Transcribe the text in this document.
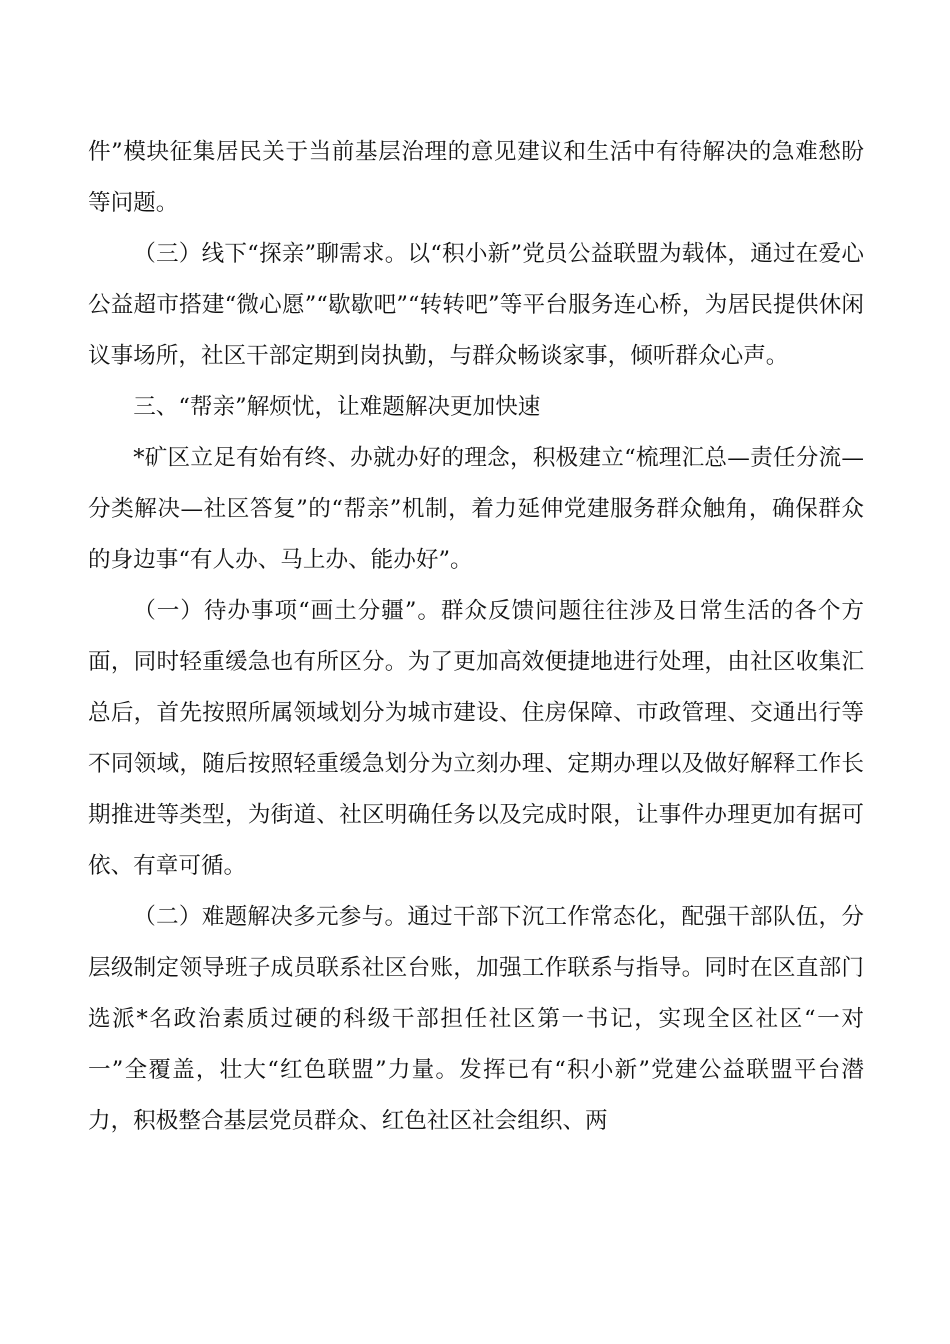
件”模块征集居民关于当前基层治理的意见建议和生活中有待解决的急难愁盼等问题。

（三）线下“探亲”聊需求。以“积小新”党员公益联盟为载体，通过在爱心公益超市搭建“微心愿”“歇歇吧”“转转吧”等平台服务连心桥，为居民提供休闲议事场所，社区干部定期到岗执勤，与群众畅谈家事，倾听群众心声。

三、“帮亲”解烦忧，让难题解决更加快速

*矿区立足有始有终、办就办好的理念，积极建立“梳理汇总—责任分流—分类解决—社区答复”的“帮亲”机制，着力延伸党建服务群众触角，确保群众的身边事“有人办、马上办、能办好”。

（一）待办事项“画土分疆”。群众反馈问题往往涉及日常生活的各个方面，同时轻重缓急也有所区分。为了更加高效便捷地进行处理，由社区收集汇总后，首先按照所属领域划分为城市建设、住房保障、市政管理、交通出行等不同领域，随后按照轻重缓急划分为立刻办理、定期办理以及做好解释工作长期推进等类型，为街道、社区明确任务以及完成时限，让事件办理更加有据可依、有章可循。

（二）难题解决多元参与。通过干部下沉工作常态化，配强干部队伍，分层级制定领导班子成员联系社区台账，加强工作联系与指导。同时在区直部门选派*名政治素质过硬的科级干部担任社区第一书记，实现全区社区“一对一”全覆盖，壮大“红色联盟”力量。发挥已有“积小新”党建公益联盟平台潜力，积极整合基层党员群众、红色社区社会组织、两
